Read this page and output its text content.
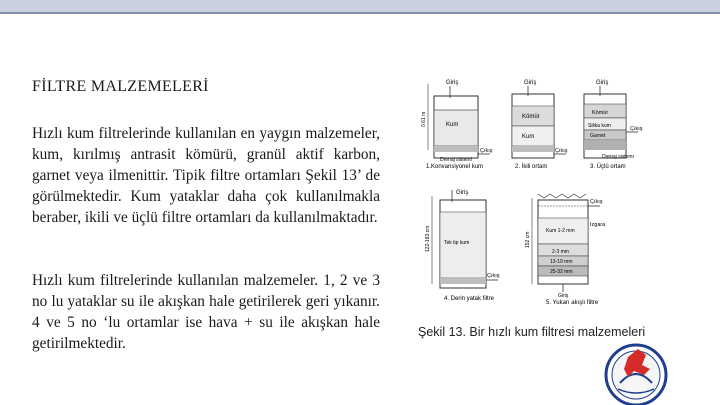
FİLTRE MALZEMELERİ
Hızlı kum filtrelerinde kullanılan en yaygın malzemeler, kum, kırılmış antrasit kömürü, granül aktif karbon, garnet veya ilmenittir. Tipik filtre ortamları Şekil 13’ de görülmektedir. Kum yataklar daha çok kullanılmakla beraber, ikili ve üçlü filtre ortamları da kullanılmaktadır.
Hızlı kum filtrelerinde kullanılan malzemeler. 1, 2 ve 3 no lu yataklar su ile akışkan hale getirilerek geri yıkanır. 4 ve 5 no ‘lu ortamlar ise hava + su ile akışkan hale getirilmektedir.
0.61 m
Giriş
Kum
Çıkış
Drenaj sistemi
1.Konvansiyonel kum
Giriş
Kömür
Kum
Çıkış
2. İkili ortam
Giriş
Kömür
Silika kum
Garnet
Çıkış
Drenaj sistemi
3. Üçlü ortam
122-183 cm
Giriş
Tek tip kum
Çıkış
4. Derin yatak filtre
152 cm
Kum 1-2 mm
2-3 mm
13-19 mm
25-32 mm
Çıkış
Izgara
Giriş
5. Yukarı akışlı filtre
Şekil 13. Bir hızlı kum filtresi malzemeleri
